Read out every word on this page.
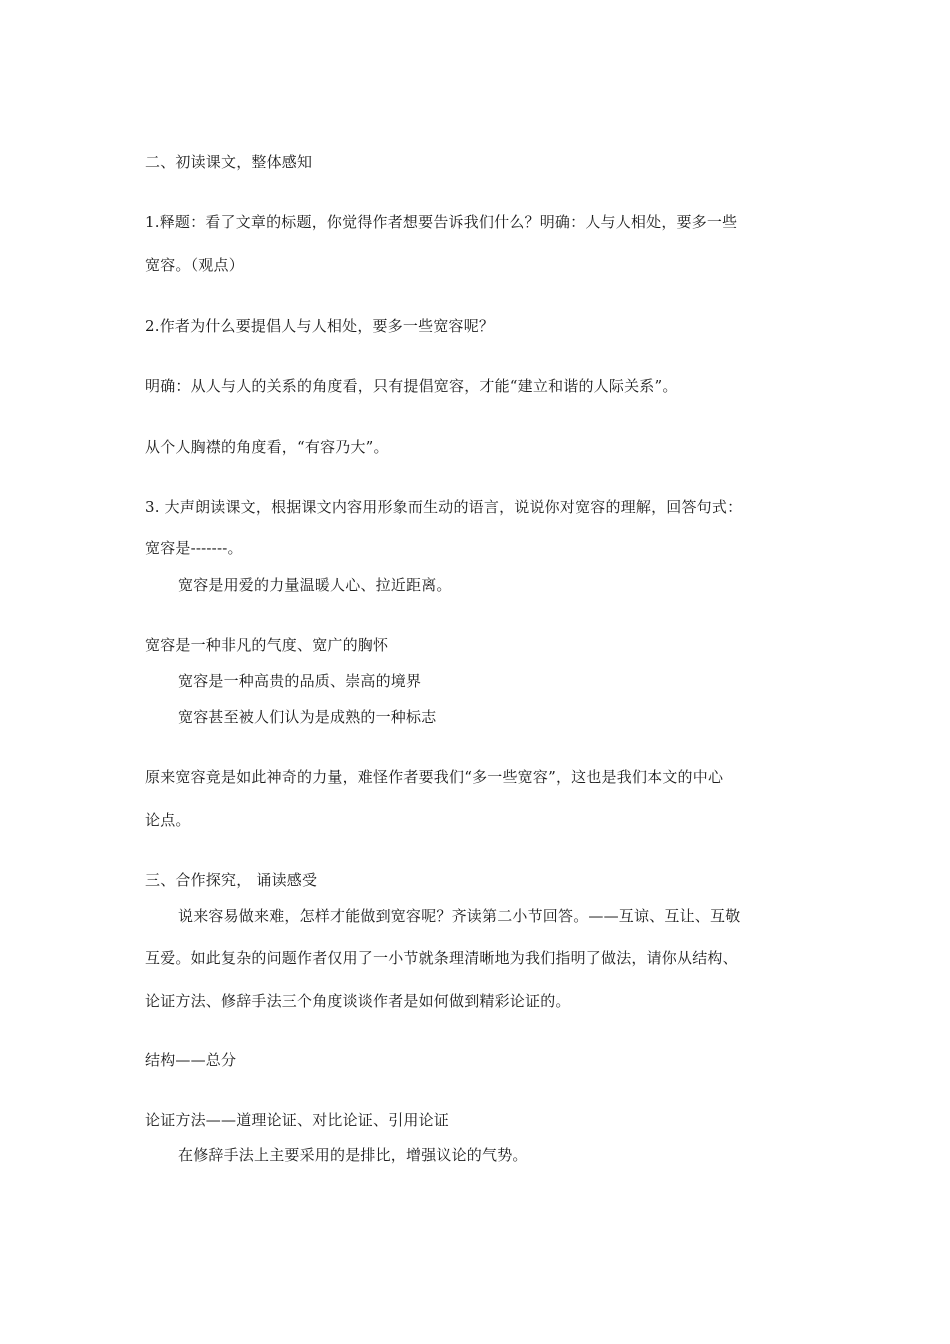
二、初读课文，整体感知
1.释题：看了文章的标题，你觉得作者想要告诉我们什么？明确：人与人相处，要多一些
宽容。（观点）
2.作者为什么要提倡人与人相处，要多一些宽容呢？
明确：从人与人的关系的角度看，只有提倡宽容，才能“建立和谐的人际关系”。
从个人胸襟的角度看，“有容乃大”。
3. 大声朗读课文，根据课文内容用形象而生动的语言，说说你对宽容的理解，回答句式：
宽容是-------。
宽容是用爱的力量温暖人心、拉近距离。
宽容是一种非凡的气度、宽广的胸怀
宽容是一种高贵的品质、崇高的境界
宽容甚至被人们认为是成熟的一种标志
原来宽容竟是如此神奇的力量，难怪作者要我们“多一些宽容”，这也是我们本文的中心
论点。
三、合作探究， 诵读感受
说来容易做来难，怎样才能做到宽容呢？齐读第二小节回答。——互谅、互让、互敬
互爱。如此复杂的问题作者仅用了一小节就条理清晰地为我们指明了做法，请你从结构、
论证方法、修辞手法三个角度谈谈作者是如何做到精彩论证的。
结构——总分
论证方法——道理论证、对比论证、引用论证
在修辞手法上主要采用的是排比，增强议论的气势。
